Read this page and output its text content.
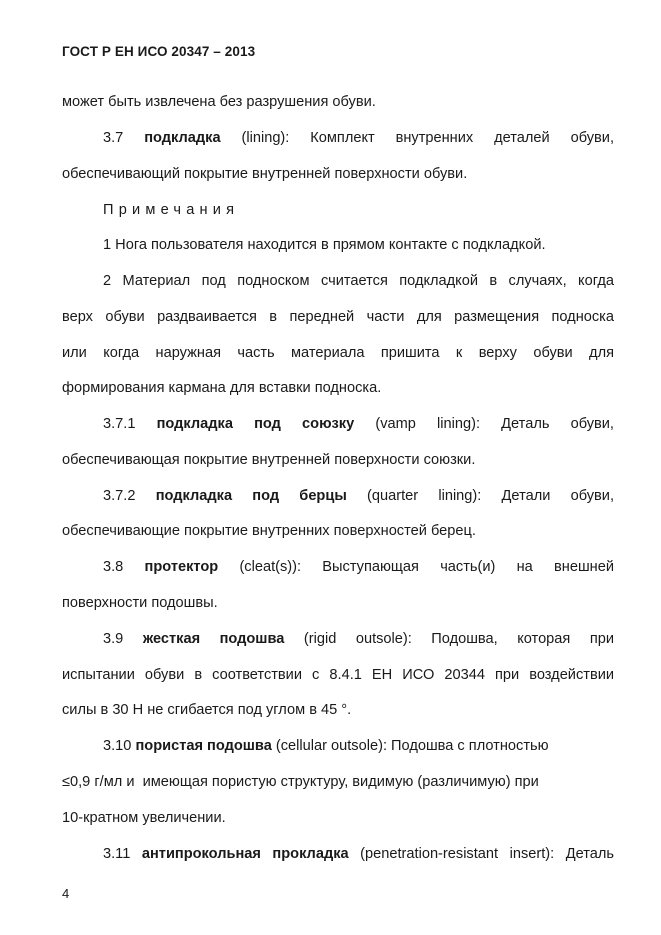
ГОСТ Р ЕН ИСО 20347 – 2013
может быть извлечена без разрушения обуви.
3.7 подкладка (lining): Комплект внутренних деталей обуви,
обеспечивающий покрытие внутренней поверхности обуви.
Примечания
1 Нога пользователя находится в прямом контакте с подкладкой.
2 Материал под подноском считается подкладкой в случаях, когда
верх обуви раздваивается в передней части для размещения подноска
или когда наружная часть материала пришита к верху обуви для
формирования кармана для вставки подноска.
3.7.1 подкладка под союзку (vamp lining): Деталь обуви,
обеспечивающая покрытие внутренней поверхности союзки.
3.7.2 подкладка под берцы (quarter lining): Детали обуви,
обеспечивающие покрытие внутренних поверхностей берец.
3.8 протектор (cleat(s)): Выступающая часть(и) на внешней
поверхности подошвы.
3.9 жесткая подошва (rigid outsole): Подошва, которая при
испытании обуви в соответствии с 8.4.1 ЕН ИСО 20344 при воздействии
силы в 30 Н не сгибается под углом в 45 °.
3.10 пористая подошва (cellular outsole): Подошва с плотностью
≤0,9 г/мл и  имеющая пористую структуру, видимую (различимую) при
10-кратном увеличении.
3.11 антипрокольная прокладка (penetration-resistant insert): Деталь
4
